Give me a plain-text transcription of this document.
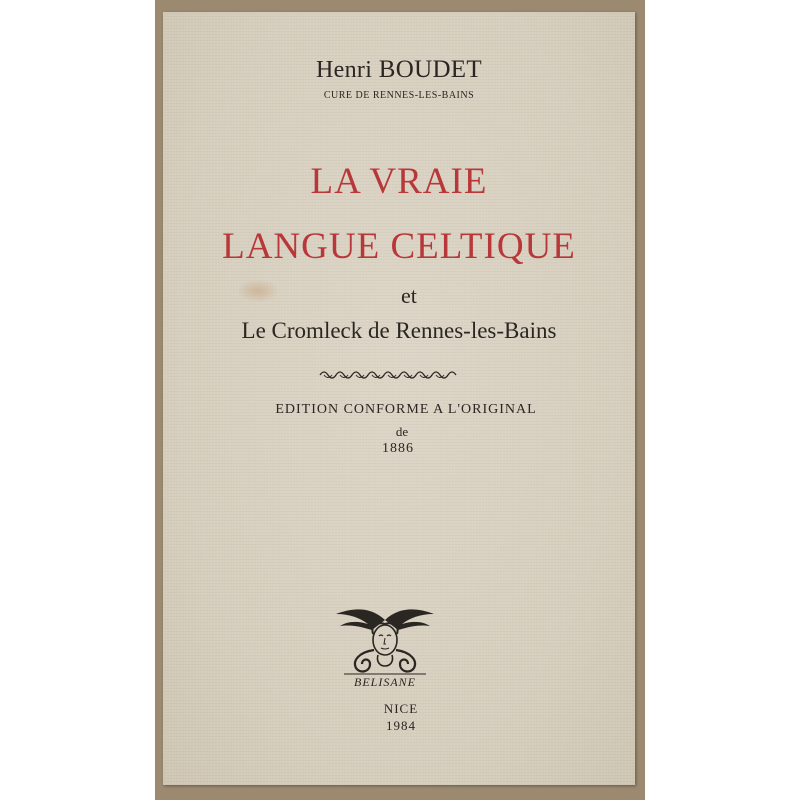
Henri BOUDET
CURE DE RENNES-LES-BAINS
LA VRAIE
LANGUE CELTIQUE
et
Le Cromleck de Rennes-les-Bains
EDITION CONFORME A L'ORIGINAL
de
1886
BELISANE
NICE
1984
